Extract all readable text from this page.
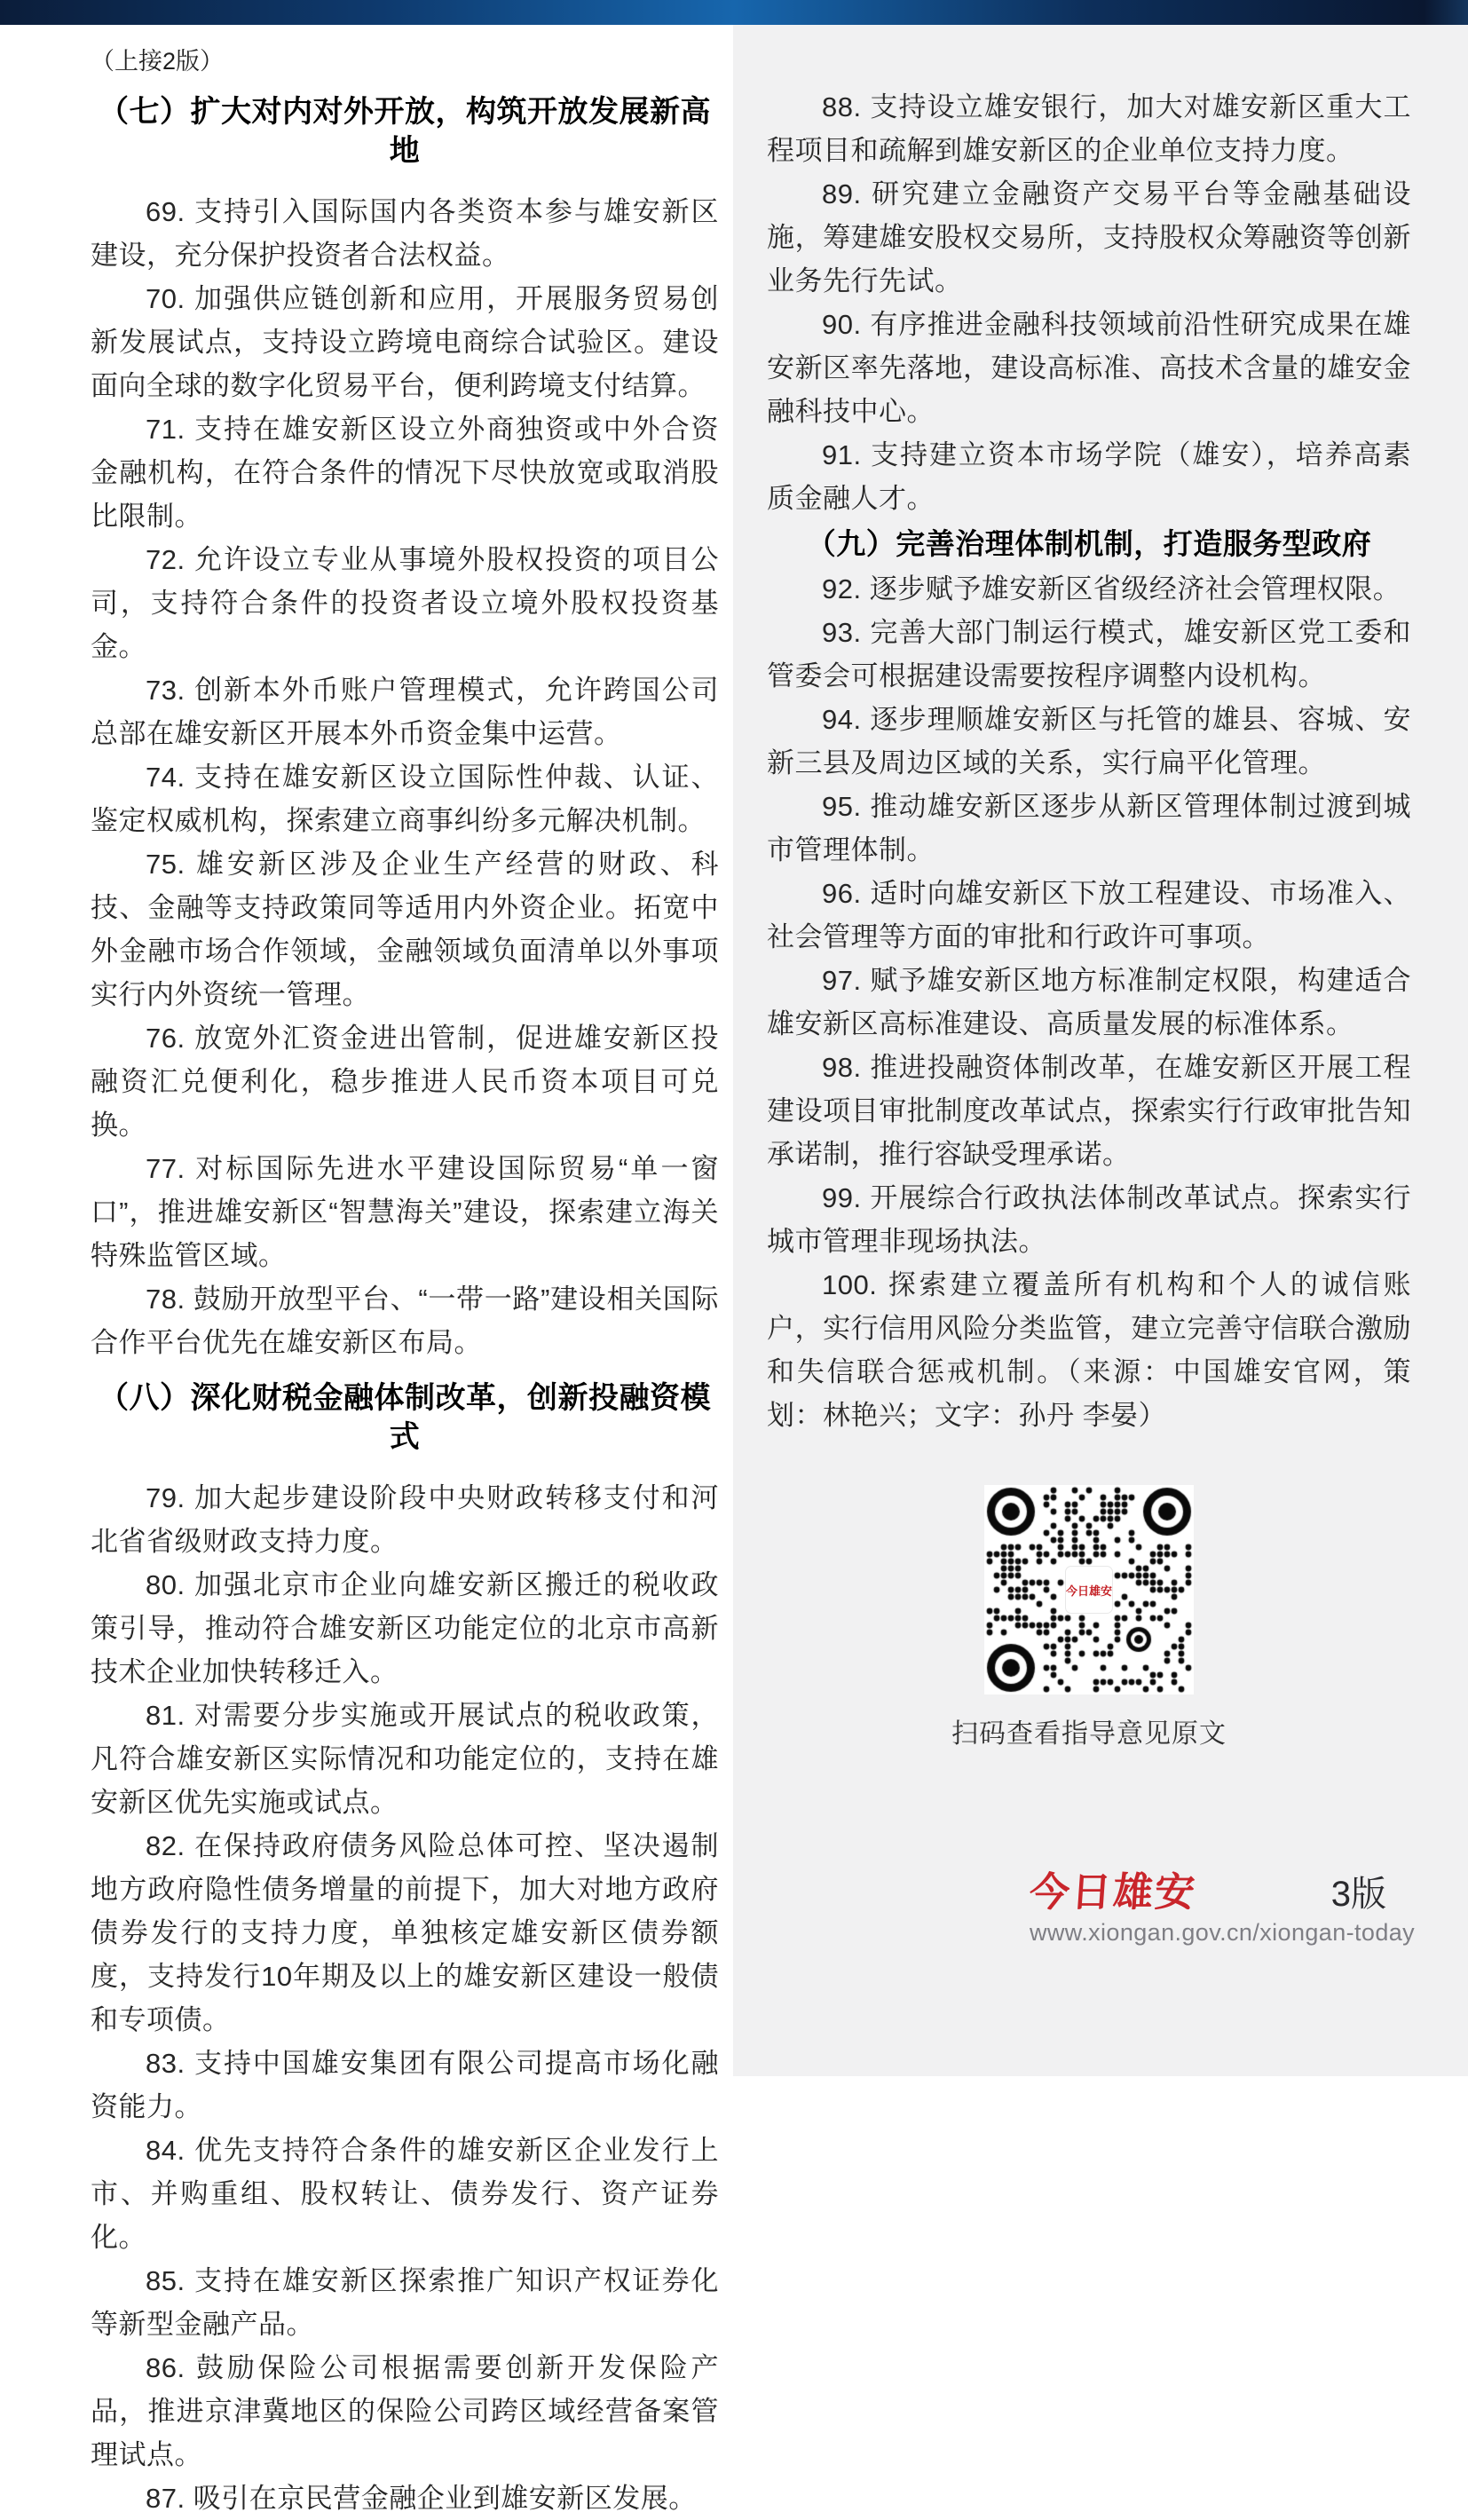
（上接2版）

（七）扩大对内对外开放，构筑开放发展新高地

69. 支持引入国际国内各类资本参与雄安新区建设，充分保护投资者合法权益。

70. 加强供应链创新和应用，开展服务贸易创新发展试点，支持设立跨境电商综合试验区。建设面向全球的数字化贸易平台，便利跨境支付结算。

71. 支持在雄安新区设立外商独资或中外合资金融机构，在符合条件的情况下尽快放宽或取消股比限制。

72. 允许设立专业从事境外股权投资的项目公司，支持符合条件的投资者设立境外股权投资基金。

73. 创新本外币账户管理模式，允许跨国公司总部在雄安新区开展本外币资金集中运营。

74. 支持在雄安新区设立国际性仲裁、认证、鉴定权威机构，探索建立商事纠纷多元解决机制。

75. 雄安新区涉及企业生产经营的财政、科技、金融等支持政策同等适用内外资企业。拓宽中外金融市场合作领域，金融领域负面清单以外事项实行内外资统一管理。

76. 放宽外汇资金进出管制，促进雄安新区投融资汇兑便利化，稳步推进人民币资本项目可兑换。

77. 对标国际先进水平建设国际贸易“单一窗口”，推进雄安新区“智慧海关”建设，探索建立海关特殊监管区域。

78. 鼓励开放型平台、“一带一路”建设相关国际合作平台优先在雄安新区布局。

（八）深化财税金融体制改革，创新投融资模式

79. 加大起步建设阶段中央财政转移支付和河北省省级财政支持力度。

80. 加强北京市企业向雄安新区搬迁的税收政策引导，推动符合雄安新区功能定位的北京市高新技术企业加快转移迁入。

81. 对需要分步实施或开展试点的税收政策，凡符合雄安新区实际情况和功能定位的，支持在雄安新区优先实施或试点。

82. 在保持政府债务风险总体可控、坚决遏制地方政府隐性债务增量的前提下，加大对地方政府债券发行的支持力度，单独核定雄安新区债券额度，支持发行10年期及以上的雄安新区建设一般债和专项债。

83. 支持中国雄安集团有限公司提高市场化融资能力。

84. 优先支持符合条件的雄安新区企业发行上市、并购重组、股权转让、债券发行、资产证券化。

85. 支持在雄安新区探索推广知识产权证券化等新型金融产品。

86. 鼓励保险公司根据需要创新开发保险产品，推进京津冀地区的保险公司跨区域经营备案管理试点。

87. 吸引在京民营金融企业到雄安新区发展。

88. 支持设立雄安银行，加大对雄安新区重大工程项目和疏解到雄安新区的企业单位支持力度。

89. 研究建立金融资产交易平台等金融基础设施，筹建雄安股权交易所，支持股权众筹融资等创新业务先行先试。

90. 有序推进金融科技领域前沿性研究成果在雄安新区率先落地，建设高标准、高技术含量的雄安金融科技中心。

91. 支持建立资本市场学院（雄安），培养高素质金融人才。

（九）完善治理体制机制，打造服务型政府

92. 逐步赋予雄安新区省级经济社会管理权限。

93. 完善大部门制运行模式，雄安新区党工委和管委会可根据建设需要按程序调整内设机构。

94. 逐步理顺雄安新区与托管的雄县、容城、安新三县及周边区域的关系，实行扁平化管理。

95. 推动雄安新区逐步从新区管理体制过渡到城市管理体制。

96. 适时向雄安新区下放工程建设、市场准入、社会管理等方面的审批和行政许可事项。

97. 赋予雄安新区地方标准制定权限，构建适合雄安新区高标准建设、高质量发展的标准体系。

98. 推进投融资体制改革，在雄安新区开展工程建设项目审批制度改革试点，探索实行行政审批告知承诺制，推行容缺受理承诺。

99. 开展综合行政执法体制改革试点。探索实行城市管理非现场执法。

100. 探索建立覆盖所有机构和个人的诚信账户，实行信用风险分类监管，建立完善守信联合激励和失信联合惩戒机制。（来源：中国雄安官网，策划：林艳兴；文字：孙丹 李晏）

今日雄安
扫码查看指导意见原文
今日雄安	3版
www.xiongan.gov.cn/xiongan-today
